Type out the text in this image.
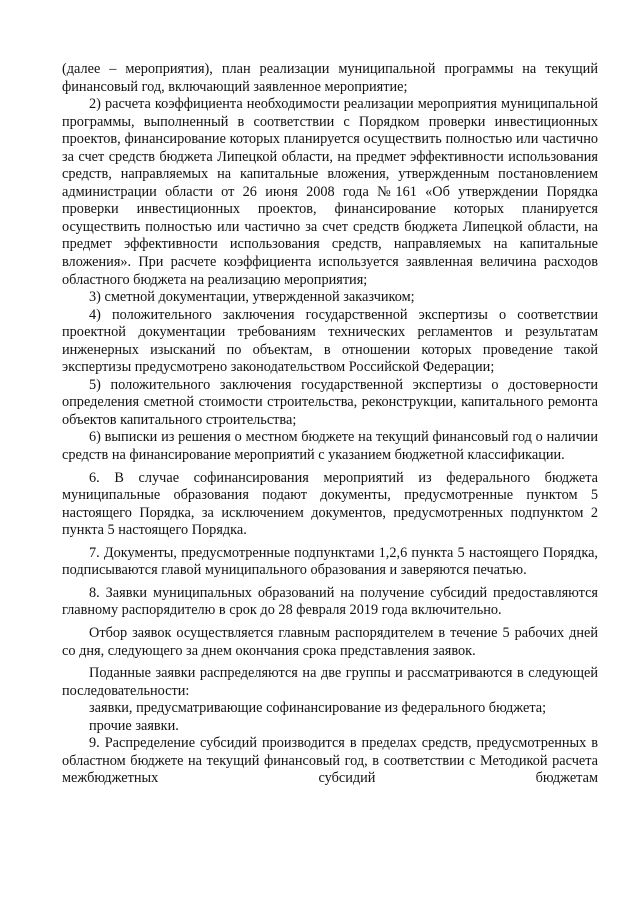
(далее – мероприятия), план реализации муниципальной программы на текущий финансовый год, включающий заявленное мероприятие;

2) расчета коэффициента необходимости реализации мероприятия муниципальной программы, выполненный в соответствии с Порядком проверки инвестиционных проектов, финансирование которых планируется осуществить полностью или частично за счет средств бюджета Липецкой области, на предмет эффективности использования средств, направляемых на капитальные вложения, утвержденным постановлением администрации области от 26 июня 2008 года №161 «Об утверждении Порядка проверки инвестиционных проектов, финансирование которых планируется осуществить полностью или частично за счет средств бюджета Липецкой области, на предмет эффективности использования средств, направляемых на капитальные вложения». При расчете коэффициента используется заявленная величина расходов областного бюджета на реализацию мероприятия;

3) сметной документации, утвержденной заказчиком;

4) положительного заключения государственной экспертизы о соответствии проектной документации требованиям технических регламентов и результатам инженерных изысканий по объектам, в отношении которых проведение такой экспертизы предусмотрено законодательством Российской Федерации;

5) положительного заключения государственной экспертизы о достоверности определения сметной стоимости строительства, реконструкции, капитального ремонта объектов капитального строительства;

6) выписки из решения о местном бюджете на текущий финансовый год о наличии средств на финансирование мероприятий с указанием бюджетной классификации.

6. В случае софинансирования мероприятий из федерального бюджета муниципальные образования подают документы, предусмотренные пунктом 5 настоящего Порядка, за исключением документов, предусмотренных подпунктом 2 пункта 5 настоящего Порядка.

7. Документы, предусмотренные подпунктами 1,2,6 пункта 5 настоящего Порядка, подписываются главой муниципального образования и заверяются печатью.

8. Заявки муниципальных образований на получение субсидий предоставляются главному распорядителю в срок до 28 февраля 2019 года включительно.

Отбор заявок осуществляется главным распорядителем в течение 5 рабочих дней со дня, следующего за днем окончания срока представления заявок.

Поданные заявки распределяются на две группы и рассматриваются в следующей последовательности:

заявки, предусматривающие софинансирование из федерального бюджета;

прочие заявки.

9. Распределение субсидий производится в пределах средств, предусмотренных в областном бюджете на текущий финансовый год, в соответствии с Методикой расчета межбюджетных субсидий бюджетам
